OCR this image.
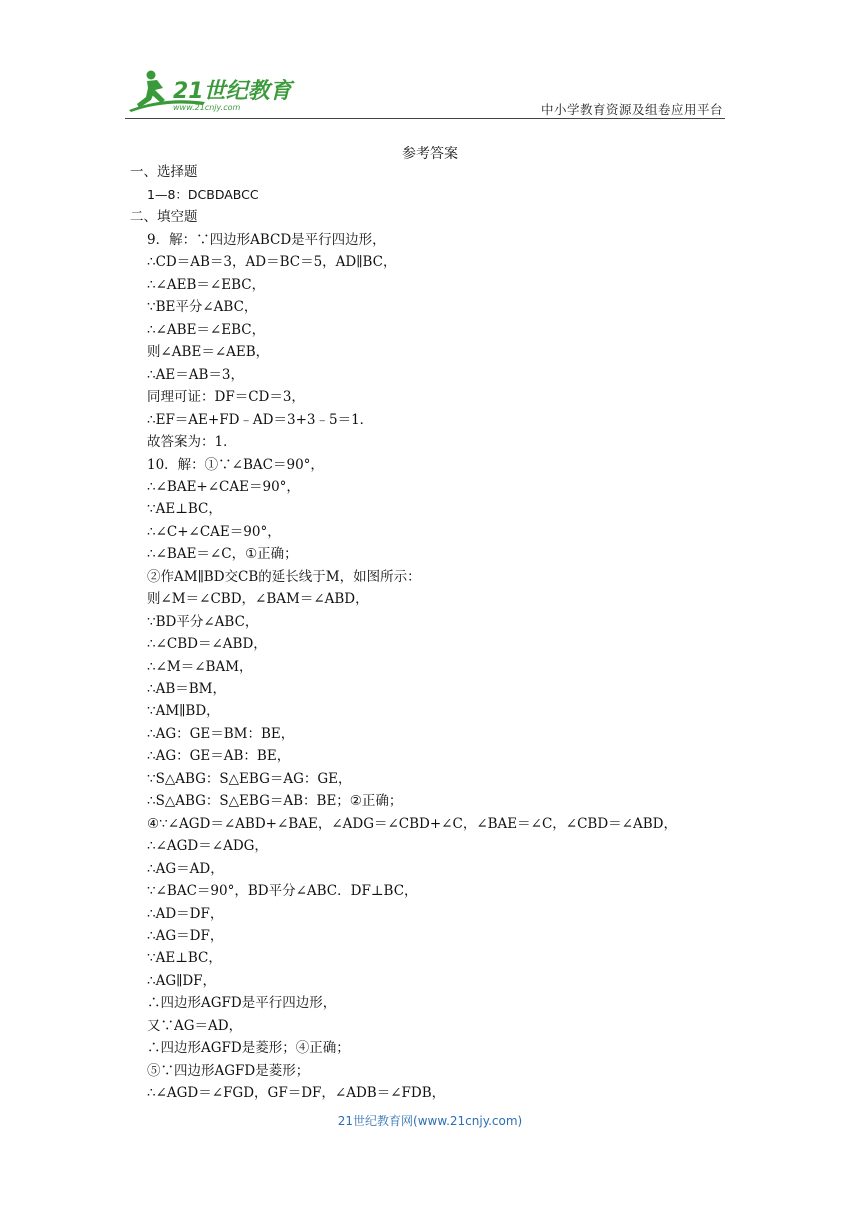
21世纪教育
www.21cnjy.com	中小学教育资源及组卷应用平台
参考答案
一、选择题
1—8：DCBDABCC
二、填空题
9．解：∵四边形ABCD是平行四边形，
∴CD＝AB＝3，AD＝BC＝5，AD∥BC，
∴∠AEB＝∠EBC，
∵BE平分∠ABC，
∴∠ABE＝∠EBC，
则∠ABE＝∠AEB，
∴AE＝AB＝3，
同理可证：DF＝CD＝3，
∴EF＝AE+FD﹣AD＝3+3﹣5＝1．
故答案为：1．
10．解：①∵∠BAC＝90°，
∴∠BAE+∠CAE＝90°，
∵AE⊥BC，
∴∠C+∠CAE＝90°，
∴∠BAE＝∠C，①正确；
②作AM∥BD交CB的延长线于M，如图所示：
则∠M＝∠CBD，∠BAM＝∠ABD，
∵BD平分∠ABC，
∴∠CBD＝∠ABD，
∴∠M＝∠BAM，
∴AB＝BM，
∵AM∥BD，
∴AG：GE＝BM：BE，
∴AG：GE＝AB：BE，
∵S△ABG：S△EBG＝AG：GE，
∴S△ABG：S△EBG＝AB：BE；②正确；
④∵∠AGD＝∠ABD+∠BAE，∠ADG＝∠CBD+∠C，∠BAE＝∠C，∠CBD＝∠ABD，
∴∠AGD＝∠ADG，
∴AG＝AD，
∵∠BAC＝90°，BD平分∠ABC．DF⊥BC，
∴AD＝DF，
∴AG＝DF，
∵AE⊥BC，
∴AG∥DF，
∴四边形AGFD是平行四边形，
又∵AG＝AD，
∴四边形AGFD是菱形；④正确；
⑤∵四边形AGFD是菱形；
∴∠AGD＝∠FGD，GF＝DF，∠ADB＝∠FDB，
21世纪教育网(www.21cnjy.com)
